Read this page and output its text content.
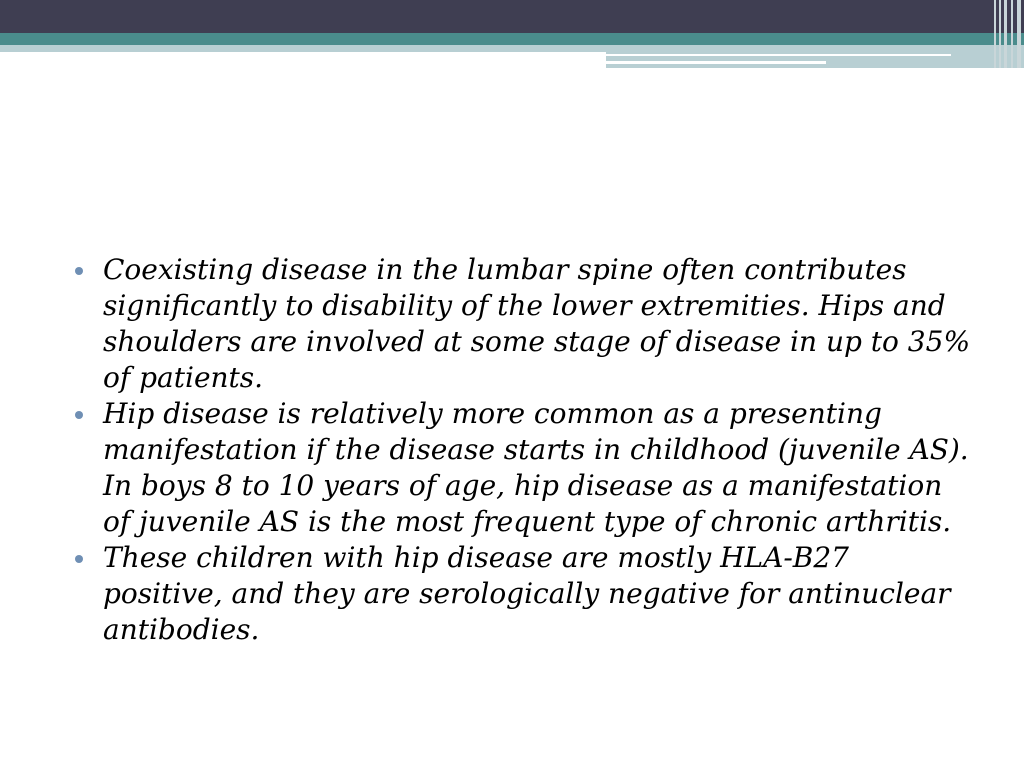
Coexisting disease in the lumbar spine often contributes significantly to disability of the lower extremities. Hips and shoulders are involved at some stage of disease in up to 35% of patients.
Hip disease is relatively more common as a presenting manifestation if the disease starts in childhood (juvenile AS). In boys 8 to 10 years of age, hip disease as a manifestation of juvenile AS is the most frequent type of chronic arthritis.
These children with hip disease are mostly HLA-B27 positive, and they are serologically negative for antinuclear antibodies.
